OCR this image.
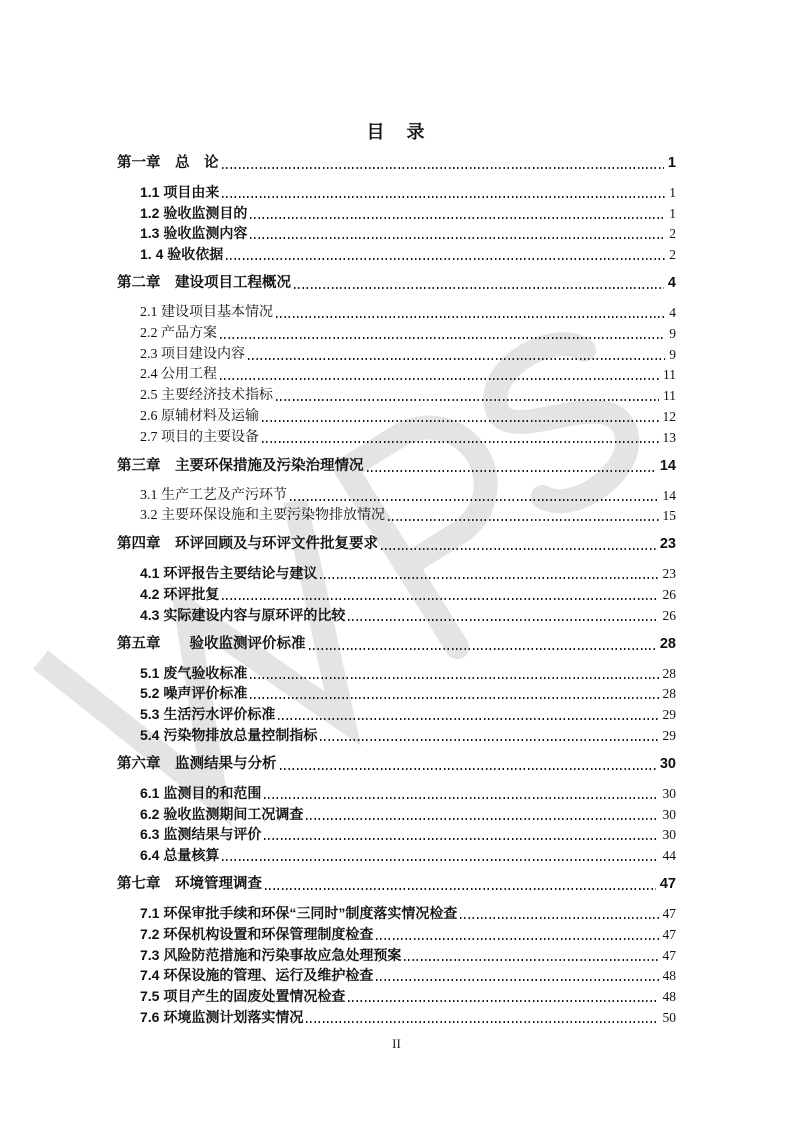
目　录
第一章　总　论	1
1.1 项目由来	1
1.2 验收监测目的	1
1.3 验收监测内容	2
1. 4 验收依据	2
第二章　建设项目工程概况	4
2.1 建设项目基本情况	4
2.2 产品方案	9
2.3 项目建设内容	9
2.4 公用工程	11
2.5 主要经济技术指标	11
2.6 原辅材料及运输	12
2.7 项目的主要设备	13
第三章　主要环保措施及污染治理情况	14
3.1 生产工艺及产污环节	14
3.2 主要环保设施和主要污染物排放情况	15
第四章　环评回顾及与环评文件批复要求	23
4.1 环评报告主要结论与建议	23
4.2 环评批复	26
4.3 实际建设内容与原环评的比较	26
第五章　　验收监测评价标准	28
5.1 废气验收标准	28
5.2 噪声评价标准	28
5.3 生活污水评价标准	29
5.4 污染物排放总量控制指标	29
第六章　监测结果与分析	30
6.1 监测目的和范围	30
6.2 验收监测期间工况调查	30
6.3 监测结果与评价	30
6.4 总量核算	44
第七章　环境管理调查	47
7.1 环保审批手续和环保“三同时”制度落实情况检查	47
7.2 环保机构设置和环保管理制度检查	47
7.3 风险防范措施和污染事故应急处理预案	47
7.4 环保设施的管理、运行及维护检查	48
7.5 项目产生的固废处置情况检查	48
7.6 环境监测计划落实情况	50
II
